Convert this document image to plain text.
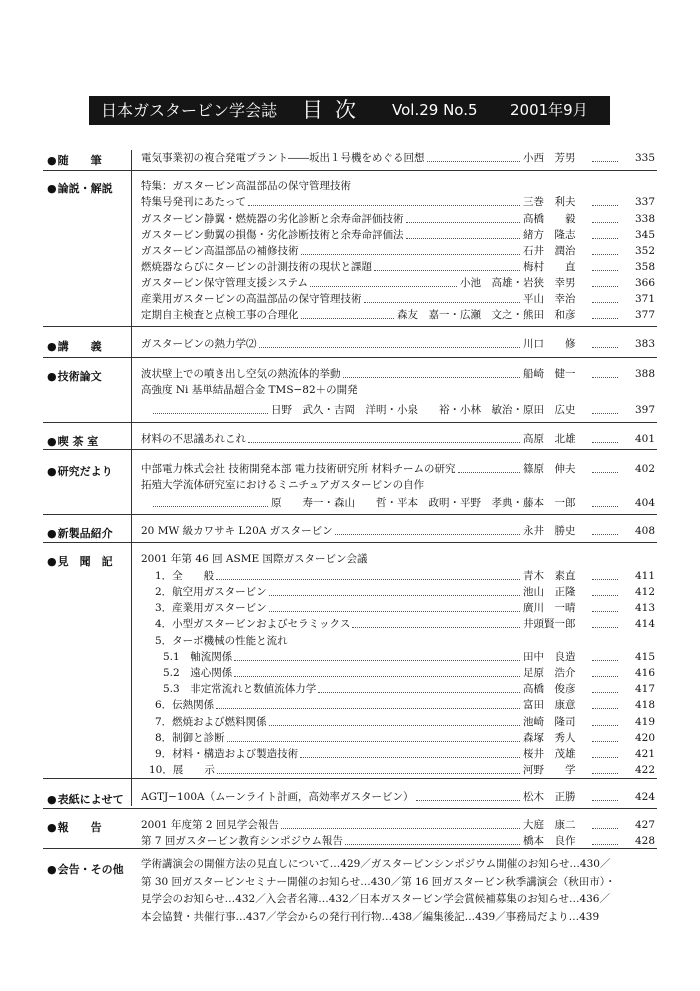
日本ガスタービン学会誌 目次 Vol.29 No.5 2001年9月
●随　　筆	電気事業初の複合発電プラント――坂出１号機をめぐる回想	小西　芳男	335
●論説・解説	特集：ガスタービン高温部品の保守管理技術
特集号発刊にあたって	三巻　利夫	337
ガスタービン静翼・燃焼器の劣化診断と余寿命評価技術	高橋　　毅	338
ガスタービン動翼の損傷・劣化診断技術と余寿命評価法	緒方　隆志	345
ガスタービン高温部品の補修技術	石井　潤治	352
燃焼器ならびにタービンの計測技術の現状と課題	梅村　　直	358
ガスタービン保守管理支援システム	小池　高雄・岩狭　幸男	366
産業用ガスタービンの高温部品の保守管理技術	平山　幸治	371
定期自主検査と点検工事の合理化	森友　嘉一・広瀬　文之・熊田　和彦	377
●講　　義	ガスタービンの熱力学⑵	川口　　修	383
●技術論文	波状壁上での噴き出し空気の熱流体的挙動	船崎　健一	388
高強度 Ni 基単結晶超合金 TMS−82＋の開発
日野　武久・吉岡　洋明・小泉　　裕・小林　敏治・原田　広史	397
●喫 茶 室	材料の不思議あれこれ	高原　北雄	401
●研究だより	中部電力株式会社 技術開発本部 電力技術研究所 材料チームの研究	篠原　伸夫	402
拓殖大学流体研究室におけるミニチュアガスタービンの自作
原　　寿一・森山　　哲・平本　政明・平野　孝典・藤本　一郎	404
●新製品紹介	20 MW 級カワサキ L20A ガスタービン	永井　勝史	408
●見　聞　記	2001 年第 46 回 ASME 国際ガスタービン会議
1．全　　般	青木　素直	411
2．航空用ガスタービン	池山　正隆	412
3．産業用ガスタービン	廣川　一晴	413
4．小型ガスタービンおよびセラミックス	井頭賢一郎	414
5．ターボ機械の性能と流れ
5.1　軸流関係	田中　良造	415
5.2　遠心関係	足原　浩介	416
5.3　非定常流れと数値流体力学	高橋　俊彦	417
6．伝熱関係	富田　康意	418
7．燃焼および燃料関係	池崎　隆司	419
8．制御と診断	森塚　秀人	420
9．材料・構造および製造技術	桜井　茂雄	421
10．展　　示	河野　　学	422
●表紙によせて AGTJ−100A（ムーンライト計画，高効率ガスタービン）	松木　正勝	424
●報　　告	2001 年度第 2 回見学会報告	大庭　康二	427
第 7 回ガスタービン教育シンポジウム報告	橋本　良作	428
●会告・その他 学術講演会の開催方法の見直しについて…429／ガスタービンシンポジウム開催のお知らせ…430／
第 30 回ガスタービンセミナー開催のお知らせ…430／第 16 回ガスタービン秋季講演会（秋田市）・
見学会のお知らせ…432／入会者名簿…432／日本ガスタービン学会賞候補募集のお知らせ…436／
本会協賛・共催行事…437／学会からの発行刊行物…438／編集後記…439／事務局だより…439
